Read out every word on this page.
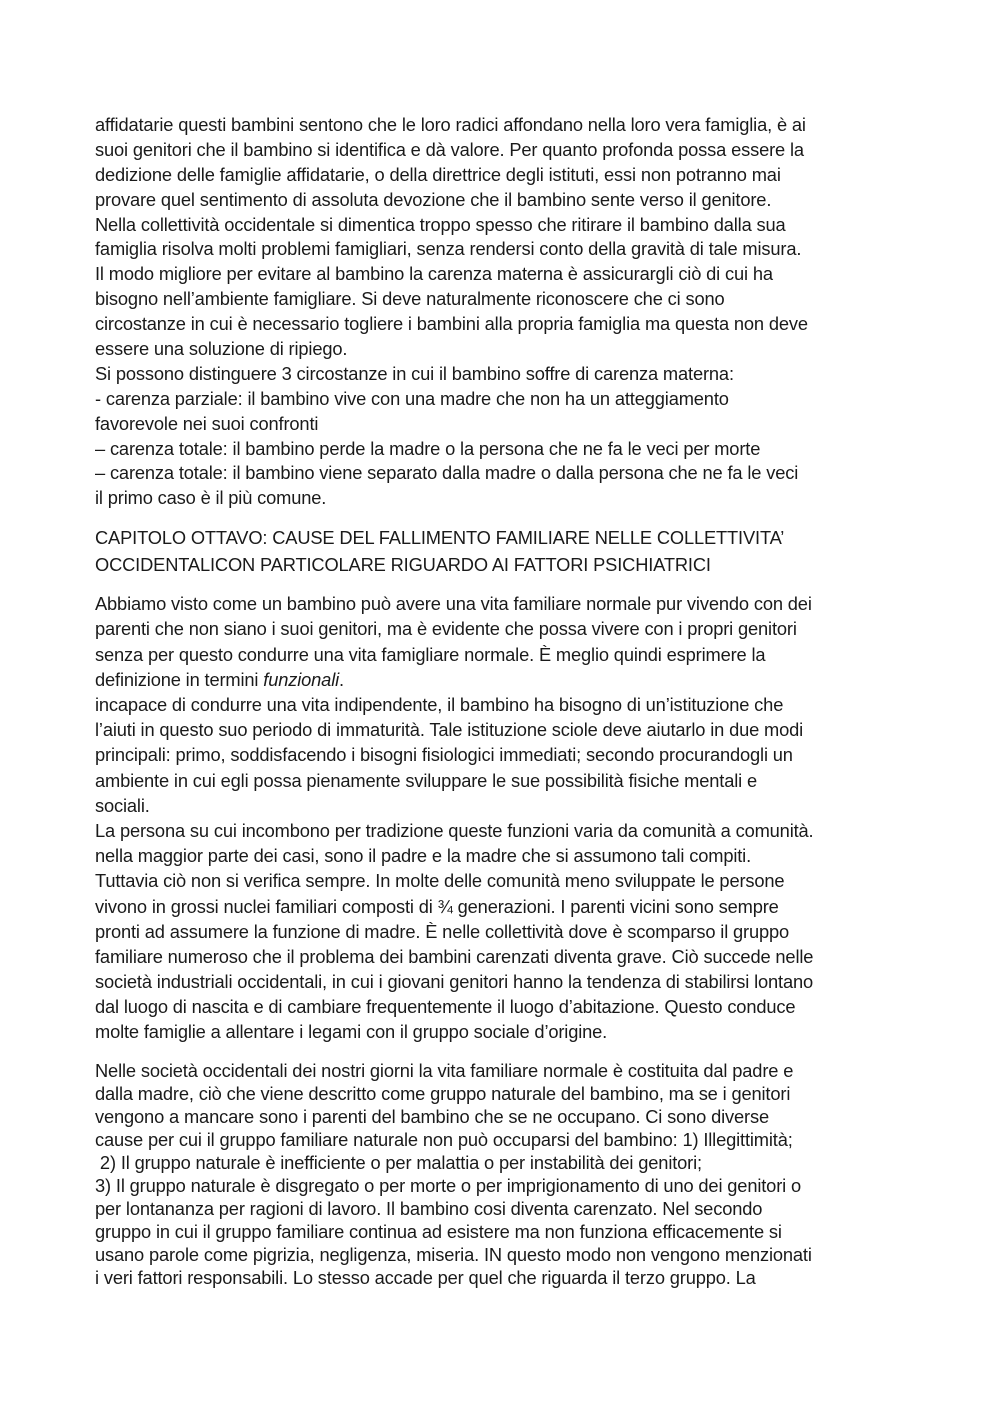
affidatarie questi bambini sentono che le loro radici affondano nella loro vera famiglia, è ai
suoi genitori che il bambino si identifica e dà valore. Per quanto profonda possa essere la
dedizione delle famiglie affidatarie, o della direttrice degli istituti, essi non potranno mai
provare quel sentimento di assoluta devozione che il bambino sente verso il genitore.
Nella collettività occidentale si dimentica troppo spesso che ritirare il bambino dalla sua
famiglia risolva molti problemi famigliari, senza rendersi conto della gravità di tale misura.
Il modo migliore per evitare al bambino la carenza materna è assicurargli ciò di cui ha
bisogno nell’ambiente famigliare. Si deve naturalmente riconoscere che ci sono
circostanze in cui è necessario togliere i bambini alla propria famiglia ma questa non deve
essere una soluzione di ripiego.
Si possono distinguere 3 circostanze in cui il bambino soffre di carenza materna:
- carenza parziale: il bambino vive con una madre che non ha un atteggiamento
favorevole nei suoi confronti
– carenza totale: il bambino perde la madre o la persona che ne fa le veci per morte
– carenza totale: il bambino viene separato dalla madre o dalla persona che ne fa le veci
il primo caso è il più comune.
CAPITOLO OTTAVO: CAUSE DEL FALLIMENTO FAMILIARE NELLE COLLETTIVITA’
OCCIDENTALICON PARTICOLARE RIGUARDO AI FATTORI PSICHIATRICI
Abbiamo visto come un bambino può avere una vita familiare normale pur vivendo con dei
parenti che non siano i suoi genitori, ma è evidente che possa vivere con i propri genitori
senza per questo condurre una vita famigliare normale. È meglio quindi esprimere la
definizione in termini funzionali.
incapace di condurre una vita indipendente, il bambino ha bisogno di un’istituzione che
l’aiuti in questo suo periodo di immaturità. Tale istituzione sciole deve aiutarlo in due modi
principali: primo, soddisfacendo i bisogni fisiologici immediati; secondo procurandogli un
ambiente in cui egli possa pienamente sviluppare le sue possibilità fisiche mentali e
sociali.
La persona su cui incombono per tradizione queste funzioni varia da comunità a comunità.
nella maggior parte dei casi, sono il padre e la madre che si assumono tali compiti.
Tuttavia ciò non si verifica sempre. In molte delle comunità meno sviluppate le persone
vivono in grossi nuclei familiari composti di ¾ generazioni. I parenti vicini sono sempre
pronti ad assumere la funzione di madre. È nelle collettività dove è scomparso il gruppo
familiare numeroso che il problema dei bambini carenzati diventa grave. Ciò succede nelle
società industriali occidentali, in cui i giovani genitori hanno la tendenza di stabilirsi lontano
dal luogo di nascita e di cambiare frequentemente il luogo d’abitazione. Questo conduce
molte famiglie a allentare i legami con il gruppo sociale d’origine.
Nelle società occidentali dei nostri giorni la vita familiare normale è costituita dal padre e
dalla madre, ciò che viene descritto come gruppo naturale del bambino, ma se i genitori
vengono a mancare sono i parenti del bambino che se ne occupano. Ci sono diverse
cause per cui il gruppo familiare naturale non può occuparsi del bambino: 1) Illegittimità;
2) Il gruppo naturale è inefficiente o per malattia o per instabilità dei genitori;
3) Il gruppo naturale è disgregato o per morte o per imprigionamento di uno dei genitori o
per lontananza per ragioni di lavoro. Il bambino cosi diventa carenzato. Nel secondo
gruppo in cui il gruppo familiare continua ad esistere ma non funziona efficacemente si
usano parole come pigrizia, negligenza, miseria. IN questo modo non vengono menzionati
i veri fattori responsabili. Lo stesso accade per quel che riguarda il terzo gruppo. La
